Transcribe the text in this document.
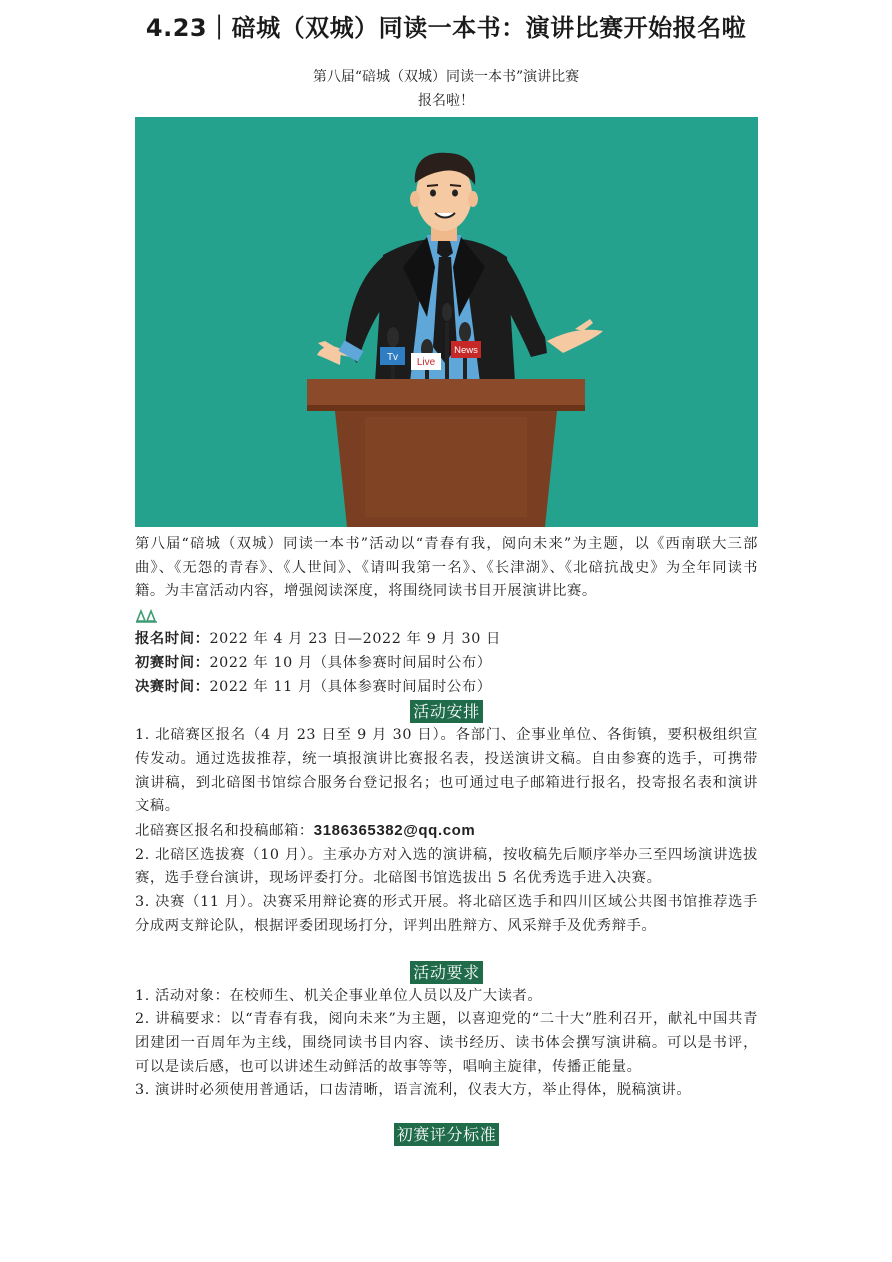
4.23｜碚城（双城）同读一本书：演讲比赛开始报名啦
第八届“碚城（双城）同读一本书”演讲比赛
报名啦！
Tv Live
News

第八届“碚城（双城）同读一本书”活动以“青春有我，阅向未来”为主题，以《西南联大三部曲》、《无怨的青春》、《人世间》、《请叫我第一名》、《长津湖》、《北碚抗战史》为全年同读书籍。为丰富活动内容，增强阅读深度，将围绕同读书目开展演讲比赛。

报名时间：2022 年 4 月 23 日—2022 年 9 月 30 日

初赛时间：2022 年 10 月（具体参赛时间届时公布）

决赛时间：2022 年 11 月（具体参赛时间届时公布）

活动安排

1. 北碚赛区报名（4 月 23 日至 9 月 30 日）。各部门、企事业单位、各街镇，要积极组织宣传发动。通过选拔推荐，统一填报演讲比赛报名表，投送演讲文稿。自由参赛的选手，可携带演讲稿，到北碚图书馆综合服务台登记报名；也可通过电子邮箱进行报名，投寄报名表和演讲文稿。

北碚赛区报名和投稿邮箱：3186365382@qq.com

2. 北碚区选拔赛（10 月）。主承办方对入选的演讲稿，按收稿先后顺序举办三至四场演讲选拔赛，选手登台演讲，现场评委打分。北碚图书馆选拔出 5 名优秀选手进入决赛。

3. 决赛（11 月）。决赛采用辩论赛的形式开展。将北碚区选手和四川区域公共图书馆推荐选手分成两支辩论队，根据评委团现场打分，评判出胜辩方、风采辩手及优秀辩手。

活动要求

1. 活动对象：在校师生、机关企事业单位人员以及广大读者。

2. 讲稿要求：以“青春有我，阅向未来”为主题，以喜迎党的“二十大”胜利召开，献礼中国共青团建团一百周年为主线，围绕同读书目内容、读书经历、读书体会撰写演讲稿。可以是书评，可以是读后感，也可以讲述生动鲜活的故事等等，唱响主旋律，传播正能量。

3. 演讲时必须使用普通话，口齿清晰，语言流利，仪表大方，举止得体，脱稿演讲。

初赛评分标准
